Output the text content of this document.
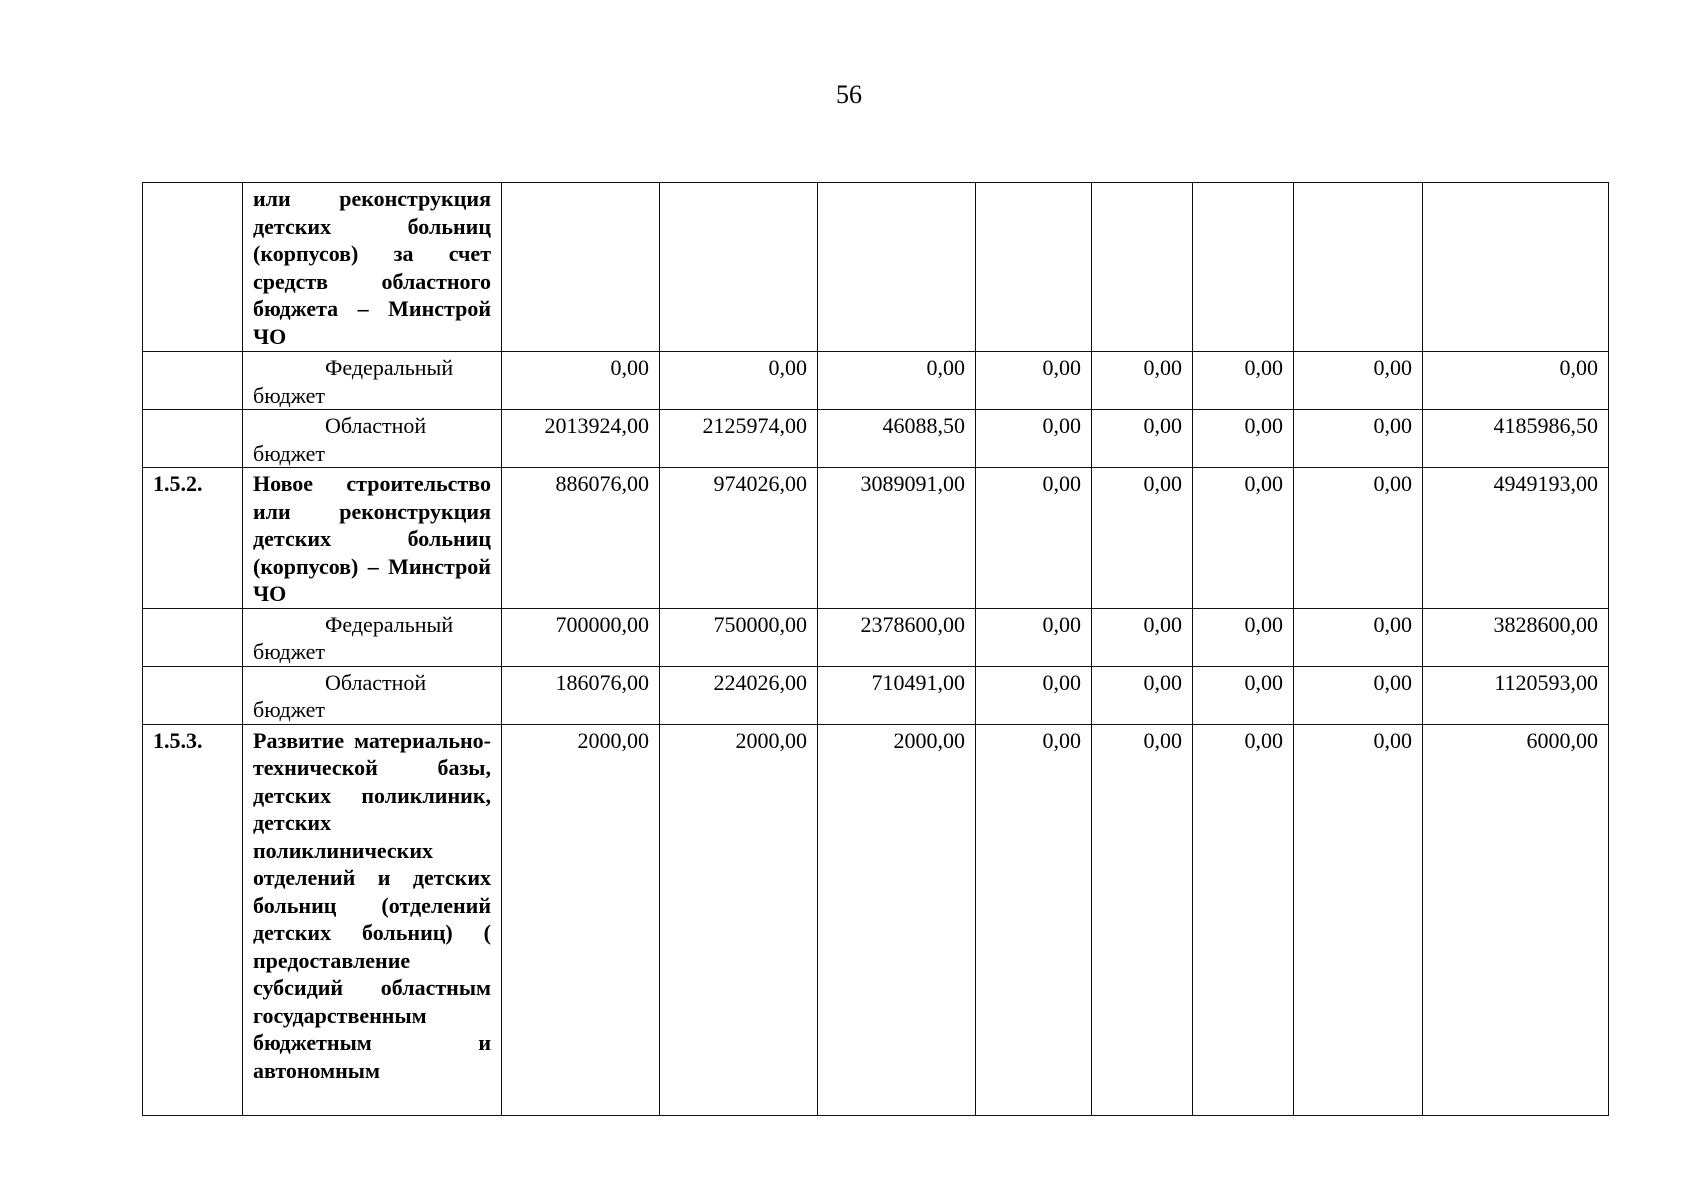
56
	или реконструкция детских больниц (корпусов) за счет средств областного бюджета – Минстрой ЧО								

	Федеральный
бюджет	0,00	0,00	0,00	0,00	0,00	0,00	0,00	0,00

	Областной
бюджет	2013924,00	2125974,00	46088,50	0,00	0,00	0,00	0,00	4185986,50
1.5.2.	Новое строительство или реконструкция детских больниц (корпусов) – Минстрой ЧО	886076,00	974026,00	3089091,00	0,00	0,00	0,00	0,00	4949193,00

	Федеральный
бюджет	700000,00	750000,00	2378600,00	0,00	0,00	0,00	0,00	3828600,00

	Областной
бюджет	186076,00	224026,00	710491,00	0,00	0,00	0,00	0,00	1120593,00
1.5.3.	Развитие материально-технической базы, детских поликлиник, детских поликлинических отделений и детских больниц (отделений детских больниц) ( предоставление субсидий областным государственным бюджетным и автономным	2000,00	2000,00	2000,00	0,00	0,00	0,00	0,00	6000,00
